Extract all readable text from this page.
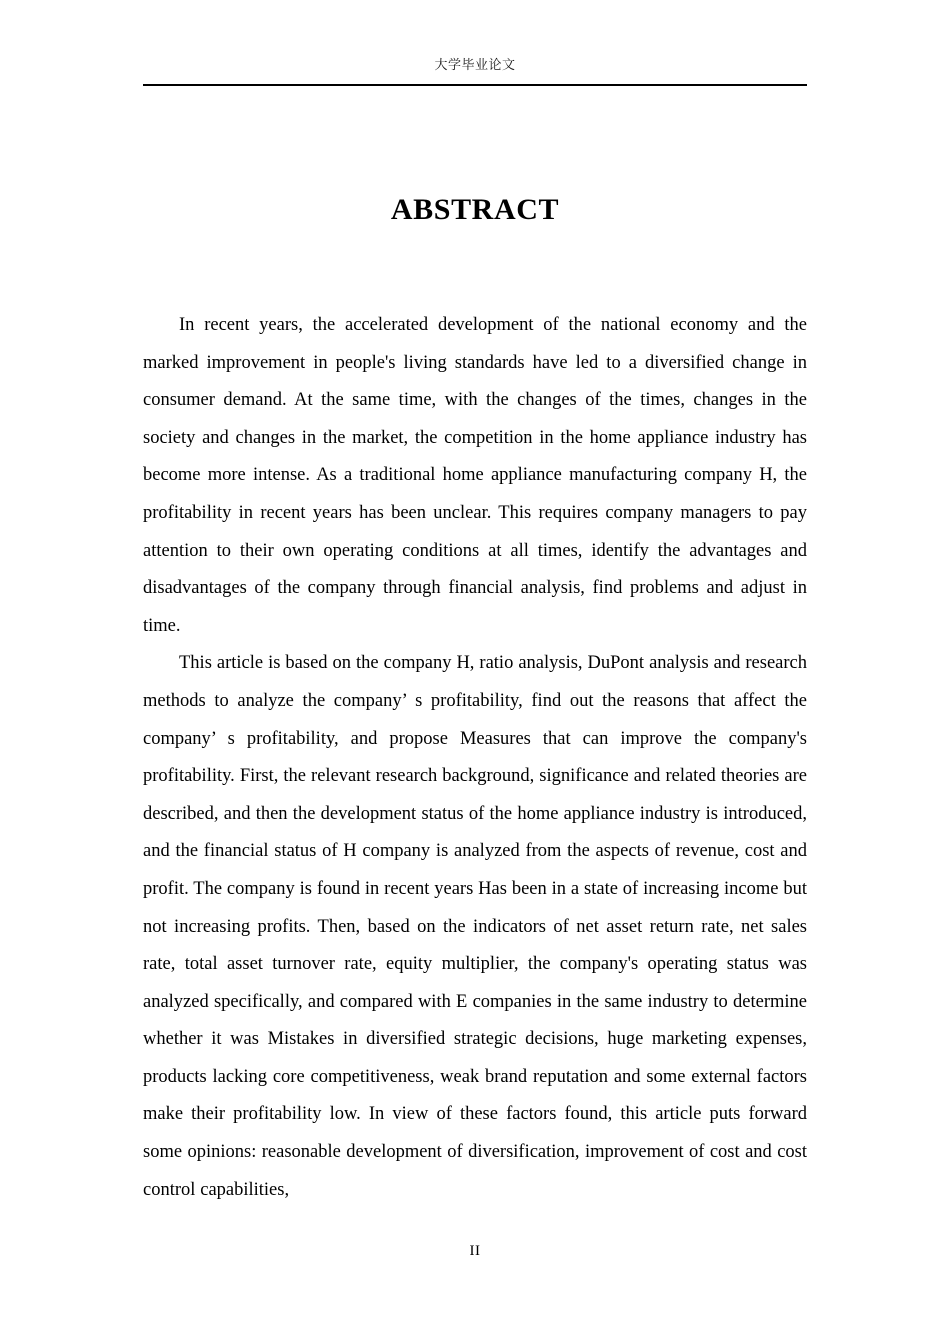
大学毕业论文
ABSTRACT

In recent years, the accelerated development of the national economy and the marked improvement in people's living standards have led to a diversified change in consumer demand. At the same time, with the changes of the times, changes in the society and changes in the market, the competition in the home appliance industry has become more intense. As a traditional home appliance manufacturing company H, the profitability in recent years has been unclear. This requires company managers to pay attention to their own operating conditions at all times, identify the advantages and disadvantages of the company through financial analysis, find problems and adjust in time.

This article is based on the company H, ratio analysis, DuPont analysis and research methods to analyze the company’ s profitability, find out the reasons that affect the company’ s profitability, and propose Measures that can improve the company's profitability. First, the relevant research background, significance and related theories are described, and then the development status of the home appliance industry is introduced, and the financial status of H company is analyzed from the aspects of revenue, cost and profit. The company is found in recent years Has been in a state of increasing income but not increasing profits. Then, based on the indicators of net asset return rate, net sales rate, total asset turnover rate, equity multiplier, the company's operating status was analyzed specifically, and compared with E companies in the same industry to determine whether it was Mistakes in diversified strategic decisions, huge marketing expenses, products lacking core competitiveness, weak brand reputation and some external factors make their profitability low. In view of these factors found, this article puts forward some opinions: reasonable development of diversification, improvement of cost and cost control capabilities,

II
